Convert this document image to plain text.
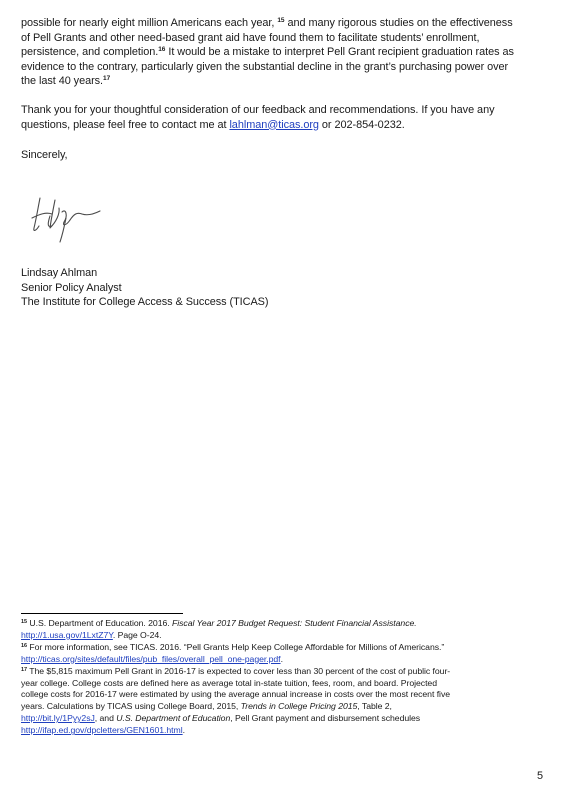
possible for nearly eight million Americans each year, $^{15}$ and many rigorous studies on the effectiveness
of Pell Grants and other need-based grant aid have found them to facilitate students’ enrollment,
persistence, and completion.$^{16}$ It would be a mistake to interpret Pell Grant recipient graduation rates as
evidence to the contrary, particularly given the substantial decline in the grant’s purchasing power over
the last 40 years.$^{17}$
Thank you for your thoughtful consideration of our feedback and recommendations. If you have any
questions, please feel free to contact me at lahlman@ticas.org or 202-854-0232.
Sincerely,
Lindsay Ahlman
Senior Policy Analyst
The Institute for College Access & Success (TICAS)
$^{15}$ U.S. Department of Education. 2016. Fiscal Year 2017 Budget Request: Student Financial Assistance.
http://1.usa.gov/1LxtZ7Y. Page O-24.
$^{16}$ For more information, see TICAS. 2016. “Pell Grants Help Keep College Affordable for Millions of Americans.”
http://ticas.org/sites/default/files/pub_files/overall_pell_one-pager.pdf.
$^{17}$ The $5,815 maximum Pell Grant in 2016-17 is expected to cover less than 30 percent of the cost of public four-
year college. College costs are defined here as average total in-state tuition, fees, room, and board. Projected
college costs for 2016-17 were estimated by using the average annual increase in costs over the most recent five
years. Calculations by TICAS using College Board, 2015, Trends in College Pricing 2015, Table 2,
http://bit.ly/1Pyy2sJ, and U.S. Department of Education, Pell Grant payment and disbursement schedules
http://ifap.ed.gov/dpcletters/GEN1601.html.
5
